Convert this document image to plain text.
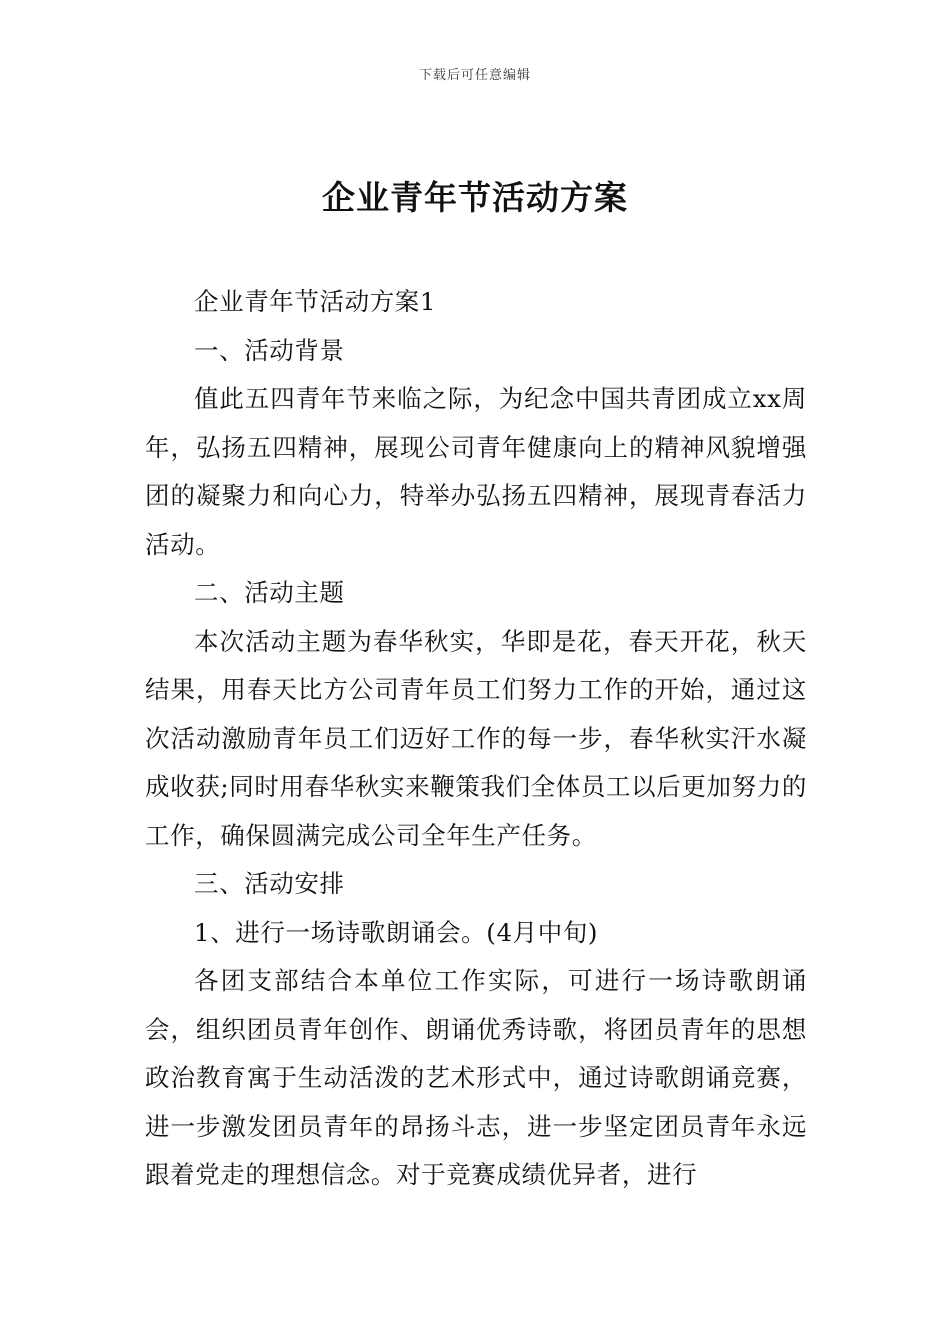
下载后可任意编辑
企业青年节活动方案

企业青年节活动方案1

一、活动背景

值此五四青年节来临之际，为纪念中国共青团成立xx周年，弘扬五四精神，展现公司青年健康向上的精神风貌增强团的凝聚力和向心力，特举办弘扬五四精神，展现青春活力活动。

二、活动主题

本次活动主题为春华秋实，华即是花，春天开花，秋天结果，用春天比方公司青年员工们努力工作的开始，通过这次活动激励青年员工们迈好工作的每一步，春华秋实汗水凝成收获;同时用春华秋实来鞭策我们全体员工以后更加努力的工作，确保圆满完成公司全年生产任务。

三、活动安排

1、进行一场诗歌朗诵会。(4月中旬)

各团支部结合本单位工作实际，可进行一场诗歌朗诵会，组织团员青年创作、朗诵优秀诗歌，将团员青年的思想政治教育寓于生动活泼的艺术形式中，通过诗歌朗诵竞赛，进一步激发团员青年的昂扬斗志，进一步坚定团员青年永远跟着党走的理想信念。对于竞赛成绩优异者，进行
